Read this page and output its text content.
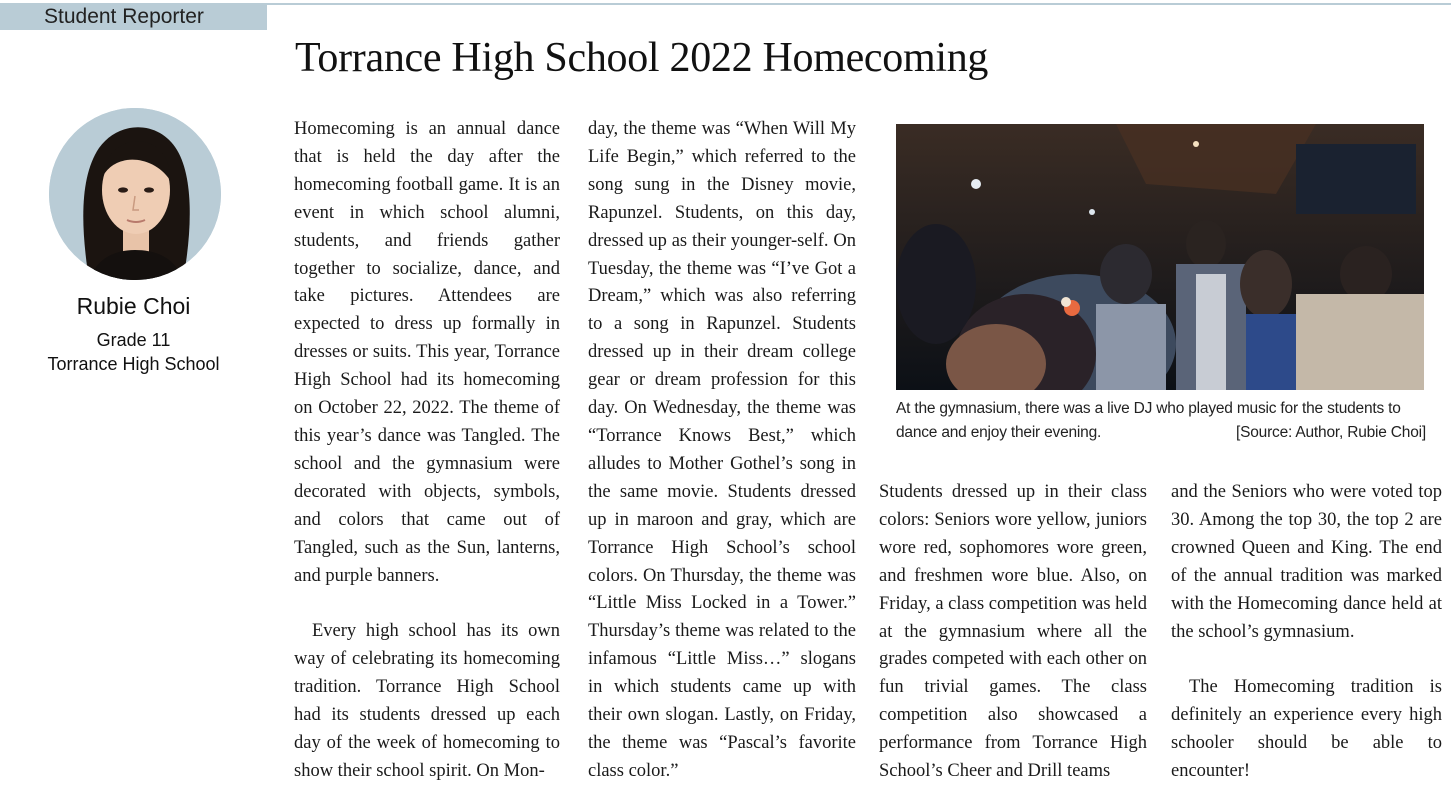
Student Reporter
Torrance High School 2022 Homecoming
Rubie Choi
Grade 11
Torrance High School

Homecoming is an annual dance that is held the day after the homecoming football game. It is an event in which school alumni, students, and friends gather together to socialize, dance, and take pictures. Attendees are expected to dress up formally in dresses or suits. This year, Torrance High School had its homecoming on October 22, 2022. The theme of this year’s dance was Tangled. The school and the gymnasium were decorated with objects, symbols, and colors that came out of Tangled, such as the Sun, lanterns, and purple banners.

Every high school has its own way of celebrating its homecoming tradition. Torrance High School had its students dressed up each day of the week of homecoming to show their school spirit. On Mon-

day, the theme was “When Will My Life Begin,” which referred to the song sung in the Disney movie, Rapunzel. Students, on this day, dressed up as their younger-self. On Tuesday, the theme was “I’ve Got a Dream,” which was also referring to a song in Rapunzel. Students dressed up in their dream college gear or dream profession for this day. On Wednesday, the theme was “Torrance Knows Best,” which alludes to Mother Gothel’s song in the same movie. Students dressed up in maroon and gray, which are Torrance High School’s school colors. On Thursday, the theme was “Little Miss Locked in a Tower.” Thursday’s theme was related to the infamous “Little Miss…” slogans in which students came up with their own slogan. Lastly, on Friday, the theme was “Pascal’s favorite class color.”

At the gymnasium, there was a live DJ who played music for the students to
dance and enjoy their evening.	[Source: Author, Rubie Choi]

Students dressed up in their class colors: Seniors wore yellow, juniors wore red, sophomores wore green, and freshmen wore blue. Also, on Friday, a class competition was held at the gymnasium where all the grades competed with each other on fun trivial games. The class competition also showcased a performance from Torrance High School’s Cheer and Drill teams

and the Seniors who were voted top 30. Among the top 30, the top 2 are crowned Queen and King. The end of the annual tradition was marked with the Homecoming dance held at the school’s gymnasium.

The Homecoming tradition is definitely an experience every high schooler should be able to encounter!
